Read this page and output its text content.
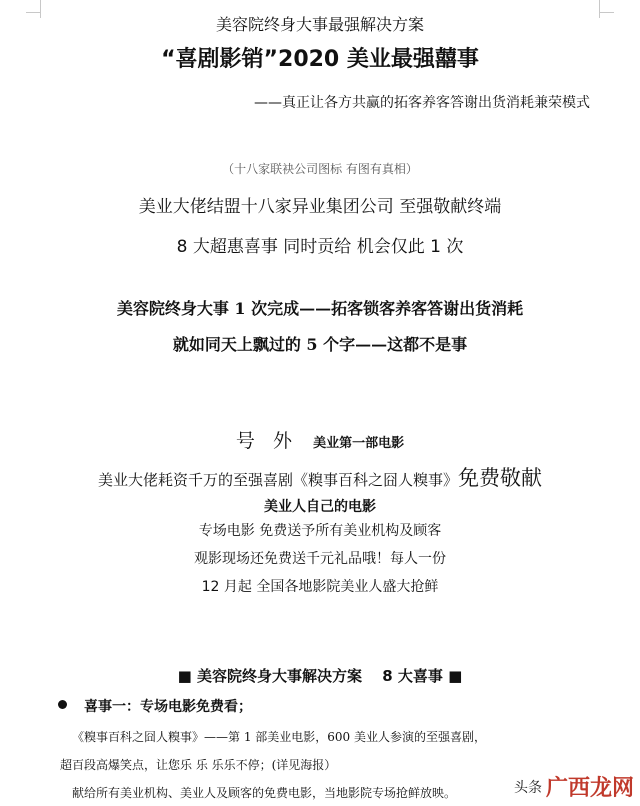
美容院终身大事最强解决方案
“喜剧影销”2020 美业最强囍事
——真正让各方共赢的拓客养客答谢出货消耗兼荣模式
（十八家联袂公司图标 有图有真相）
美业大佬结盟十八家异业集团公司 至强敬献终端
8 大超惠喜事 同时贡给 机会仅此 1 次
美容院终身大事 1 次完成——拓客锁客养客答谢出货消耗
就如同天上飘过的 5 个字——这都不是事
号 外 美业第一部电影
美业大佬耗资千万的至强喜剧《糗事百科之囧人糗事》免费敬献
美业人自己的电影
专场电影 免费送予所有美业机构及顾客
观影现场还免费送千元礼品哦！每人一份
12 月起 全国各地影院美业人盛大抢鲜
■ 美容院终身大事解决方案　 8 大喜事 ■
喜事一：专场电影免费看；
《糗事百科之囧人糗事》——第 1 部美业电影，600 美业人参演的至强喜剧，
超百段高爆笑点，让您乐 乐 乐乐不停；(详见海报）
献给所有美业机构、美业人及顾客的免费电影，当地影院专场抢鲜放映。	头条 广西龙网
